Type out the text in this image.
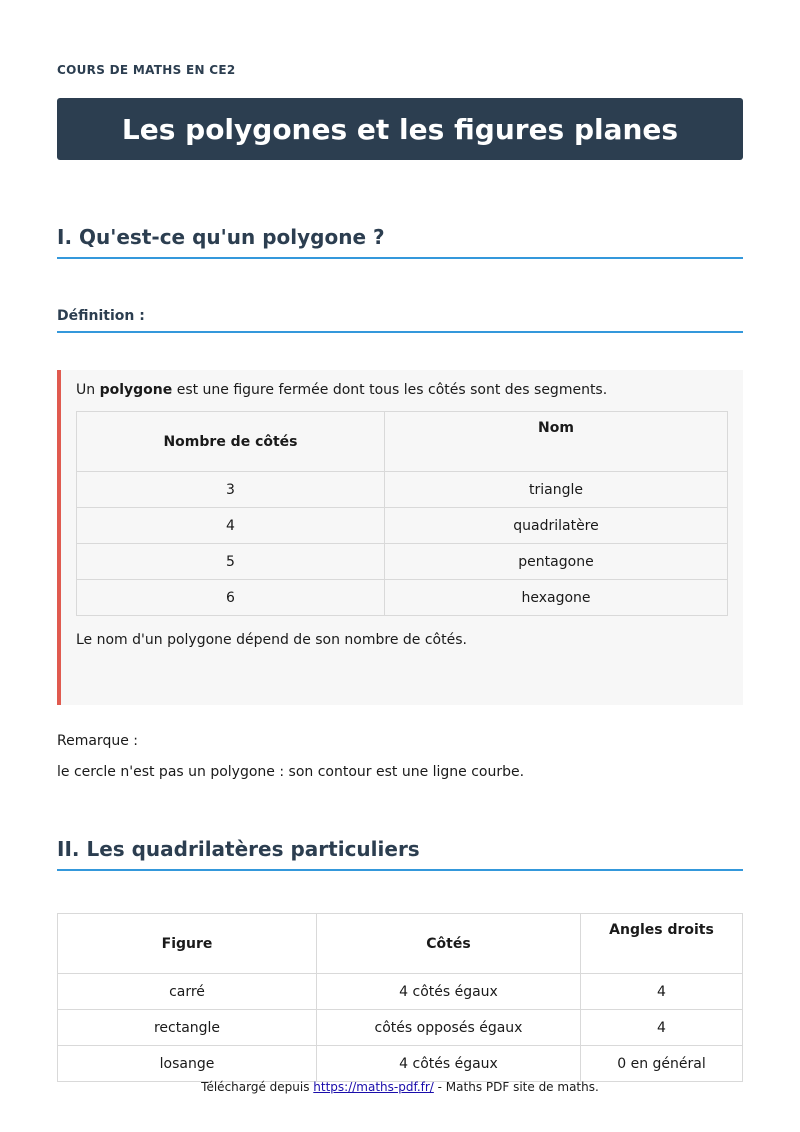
COURS DE MATHS EN CE2
Les polygones et les figures planes
I. Qu'est-ce qu'un polygone ?
Définition :
Un polygone est une figure fermée dont tous les côtés sont des segments.
Nombre de côtés	Nom
3	triangle
4	quadrilatère
5	pentagone
6	hexagone
Le nom d'un polygone dépend de son nombre de côtés.
Remarque :
le cercle n'est pas un polygone : son contour est une ligne courbe.
II. Les quadrilatères particuliers
Figure	Côtés	Angles droits
carré	4 côtés égaux	4
rectangle	côtés opposés égaux	4
losange	4 côtés égaux	0 en général
Téléchargé depuis https://maths-pdf.fr/ - Maths PDF site de maths.
